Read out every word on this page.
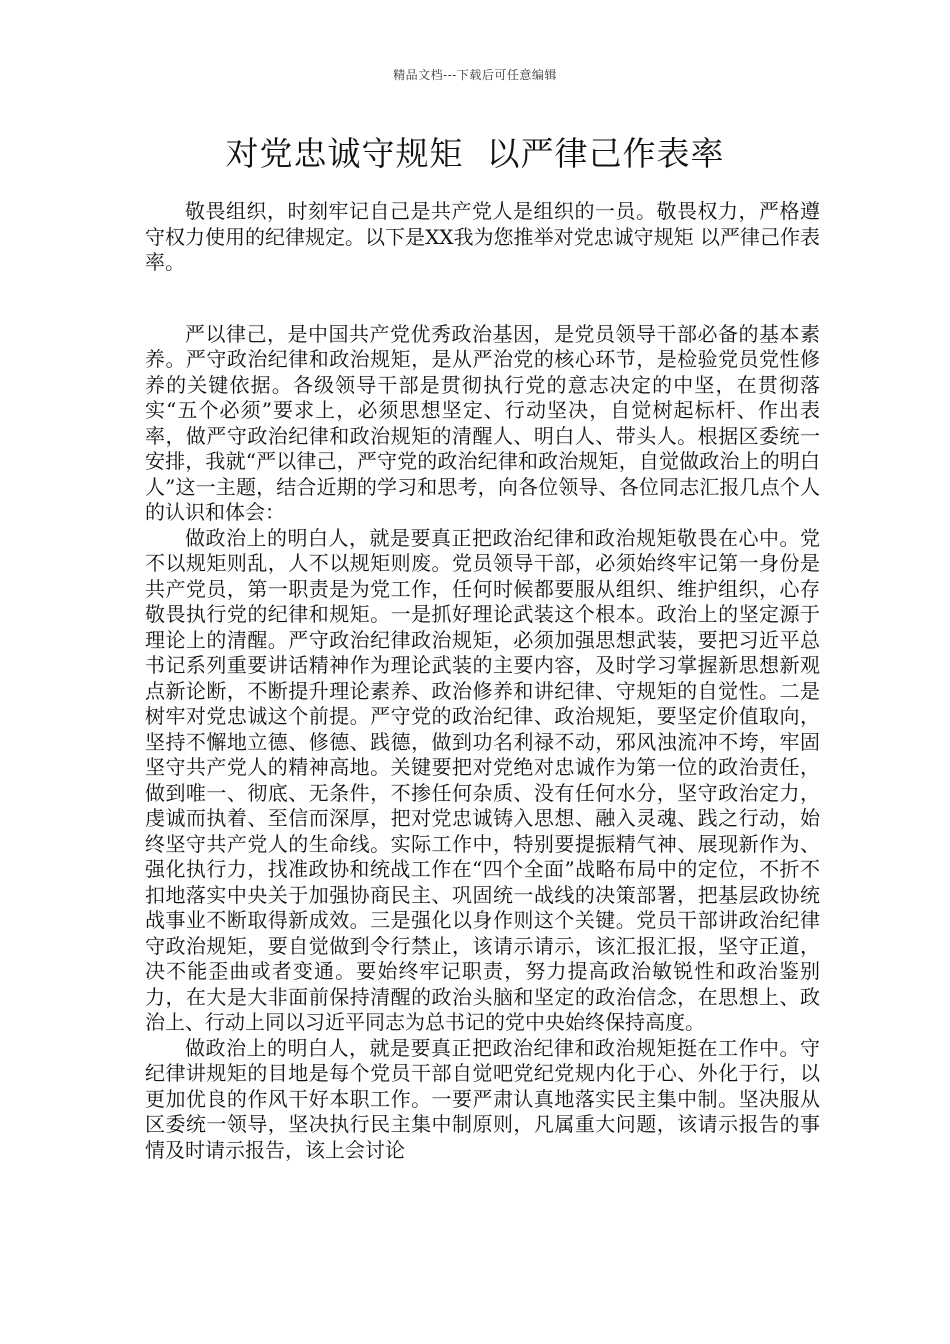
精品文档---下载后可任意编辑
对党忠诚守规矩  以严律己作表率

敬畏组织，时刻牢记自己是共产党人是组织的一员。敬畏权力，严格遵守权力使用的纪律规定。以下是XX我为您推举对党忠诚守规矩 以严律己作表率。

严以律己，是中国共产党优秀政治基因，是党员领导干部必备的基本素养。严守政治纪律和政治规矩，是从严治党的核心环节，是检验党员党性修养的关键依据。各级领导干部是贯彻执行党的意志决定的中坚，在贯彻落实“五个必须”要求上，必须思想坚定、行动坚决，自觉树起标杆、作出表率，做严守政治纪律和政治规矩的清醒人、明白人、带头人。根据区委统一安排，我就“严以律己，严守党的政治纪律和政治规矩，自觉做政治上的明白人”这一主题，结合近期的学习和思考，向各位领导、各位同志汇报几点个人的认识和体会：

做政治上的明白人，就是要真正把政治纪律和政治规矩敬畏在心中。党不以规矩则乱，人不以规矩则废。党员领导干部，必须始终牢记第一身份是共产党员，第一职责是为党工作，任何时候都要服从组织、维护组织，心存敬畏执行党的纪律和规矩。一是抓好理论武装这个根本。政治上的坚定源于理论上的清醒。严守政治纪律政治规矩，必须加强思想武装，要把习近平总书记系列重要讲话精神作为理论武装的主要内容，及时学习掌握新思想新观点新论断，不断提升理论素养、政治修养和讲纪律、守规矩的自觉性。二是树牢对党忠诚这个前提。严守党的政治纪律、政治规矩，要坚定价值取向，坚持不懈地立德、修德、践德，做到功名利禄不动，邪风浊流冲不垮，牢固坚守共产党人的精神高地。关键要把对党绝对忠诚作为第一位的政治责任，做到唯一、彻底、无条件，不掺任何杂质、没有任何水分，坚守政治定力，虔诚而执着、至信而深厚，把对党忠诚铸入思想、融入灵魂、践之行动，始终坚守共产党人的生命线。实际工作中，特别要提振精气神、展现新作为、强化执行力，找准政协和统战工作在“四个全面”战略布局中的定位，不折不扣地落实中央关于加强协商民主、巩固统一战线的决策部署，把基层政协统战事业不断取得新成效。三是强化以身作则这个关键。党员干部讲政治纪律守政治规矩，要自觉做到令行禁止，该请示请示，该汇报汇报，坚守正道，决不能歪曲或者变通。要始终牢记职责，努力提高政治敏锐性和政治鉴别力，在大是大非面前保持清醒的政治头脑和坚定的政治信念，在思想上、政治上、行动上同以习近平同志为总书记的党中央始终保持高度。

做政治上的明白人，就是要真正把政治纪律和政治规矩挺在工作中。守纪律讲规矩的目地是每个党员干部自觉吧党纪党规内化于心、外化于行，以更加优良的作风干好本职工作。一要严肃认真地落实民主集中制。坚决服从区委统一领导，坚决执行民主集中制原则，凡属重大问题，该请示报告的事情及时请示报告，该上会讨论
